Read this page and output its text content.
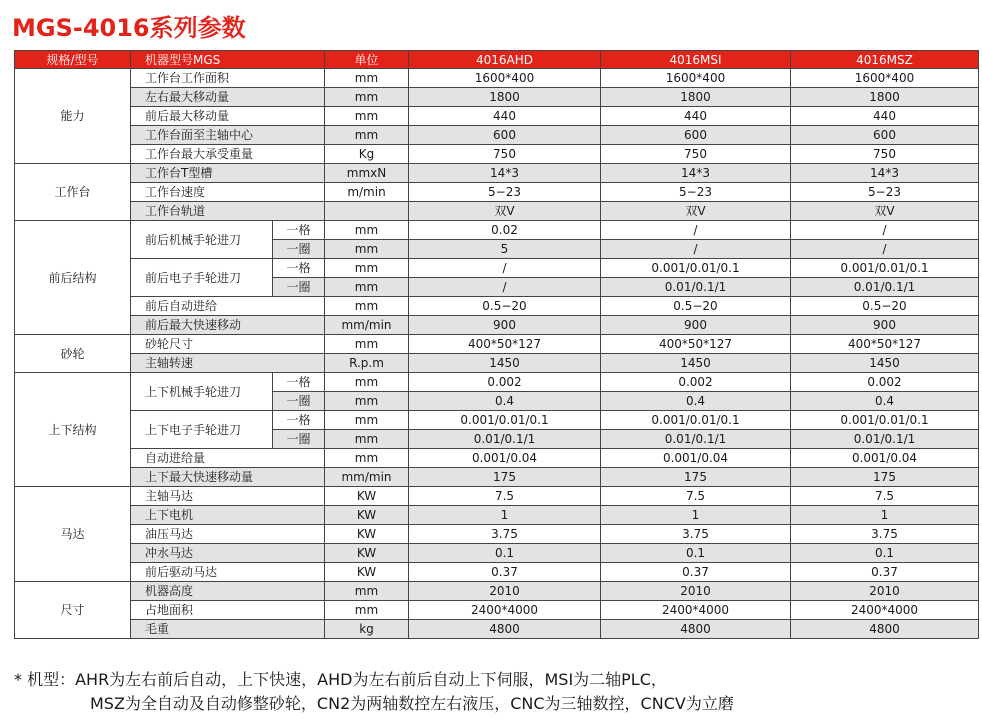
MGS-4016系列参数
规格/型号	机器型号MGS		单位	4016AHD	4016MSI	4016MSZ
能力	工作台工作面积		mm	1600*400	1600*400	1600*400
	左右最大移动量		mm	1800	1800	1800
	前后最大移动量		mm	440	440	440
	工作台面至主轴中心		mm	600	600	600
	工作台最大承受重量		Kg	750	750	750
工作台	工作台T型槽		mmxN	14*3	14*3	14*3
	工作台速度		m/min	5−23	5−23	5−23
	工作台轨道			双V	双V	双V
前后结构	前后机械手轮进刀	一格	mm	0.02	/	/
		一圈	mm	5	/	/
	前后电子手轮进刀	一格	mm	/	0.001/0.01/0.1	0.001/0.01/0.1
		一圈	mm	/	0.01/0.1/1	0.01/0.1/1
	前后自动进给		mm	0.5−20	0.5−20	0.5−20
	前后最大快速移动		mm/min	900	900	900
砂轮	砂轮尺寸		mm	400*50*127	400*50*127	400*50*127
	主轴转速		R.p.m	1450	1450	1450
上下结构	上下机械手轮进刀	一格	mm	0.002	0.002	0.002
		一圈	mm	0.4	0.4	0.4
	上下电子手轮进刀	一格	mm	0.001/0.01/0.1	0.001/0.01/0.1	0.001/0.01/0.1
		一圈	mm	0.01/0.1/1	0.01/0.1/1	0.01/0.1/1
	自动进给量		mm	0.001/0.04	0.001/0.04	0.001/0.04
	上下最大快速移动量		mm/min	175	175	175
马达	主轴马达		KW	7.5	7.5	7.5
	上下电机		KW	1	1	1
	油压马达		KW	3.75	3.75	3.75
	冲水马达		KW	0.1	0.1	0.1
	前后驱动马达		KW	0.37	0.37	0.37
尺寸	机器高度		mm	2010	2010	2010
	占地面积		mm	2400*4000	2400*4000	2400*4000
	毛重		kg	4800	4800	4800
* 机型：AHR为左右前后自动，上下快速，AHD为左右前后自动上下伺服，MSI为二轴PLC，
MSZ为全自动及自动修整砂轮，CN2为两轴数控左右液压，CNC为三轴数控，CNCV为立磨
